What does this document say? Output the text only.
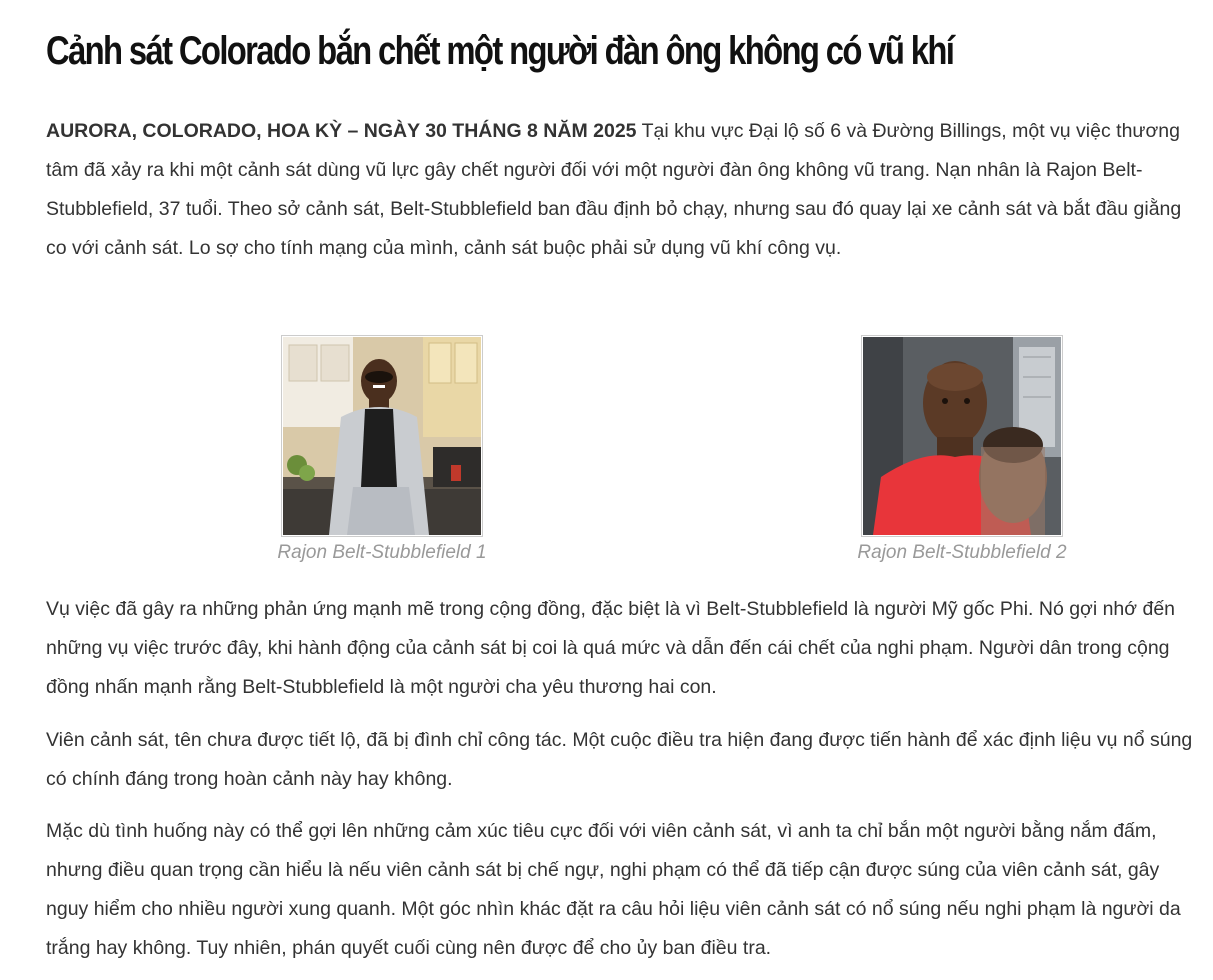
Cảnh sát Colorado bắn chết một người đàn ông không có vũ khí

AURORA, COLORADO, HOA KỲ – NGÀY 30 THÁNG 8 NĂM 2025 Tại khu vực Đại lộ số 6 và Đường Billings, một vụ việc thương tâm đã xảy ra khi một cảnh sát dùng vũ lực gây chết người đối với một người đàn ông không vũ trang. Nạn nhân là Rajon Belt-Stubblefield, 37 tuổi. Theo sở cảnh sát, Belt-Stubblefield ban đầu định bỏ chạy, nhưng sau đó quay lại xe cảnh sát và bắt đầu giằng co với cảnh sát. Lo sợ cho tính mạng của mình, cảnh sát buộc phải sử dụng vũ khí công vụ.

Rajon Belt-Stubblefield 1	Rajon Belt-Stubblefield 2

Vụ việc đã gây ra những phản ứng mạnh mẽ trong cộng đồng, đặc biệt là vì Belt-Stubblefield là người Mỹ gốc Phi. Nó gợi nhớ đến những vụ việc trước đây, khi hành động của cảnh sát bị coi là quá mức và dẫn đến cái chết của nghi phạm. Người dân trong cộng đồng nhấn mạnh rằng Belt-Stubblefield là một người cha yêu thương hai con.

Viên cảnh sát, tên chưa được tiết lộ, đã bị đình chỉ công tác. Một cuộc điều tra hiện đang được tiến hành để xác định liệu vụ nổ súng có chính đáng trong hoàn cảnh này hay không.

Mặc dù tình huống này có thể gợi lên những cảm xúc tiêu cực đối với viên cảnh sát, vì anh ta chỉ bắn một người bằng nắm đấm, nhưng điều quan trọng cần hiểu là nếu viên cảnh sát bị chế ngự, nghi phạm có thể đã tiếp cận được súng của viên cảnh sát, gây nguy hiểm cho nhiều người xung quanh. Một góc nhìn khác đặt ra câu hỏi liệu viên cảnh sát có nổ súng nếu nghi phạm là người da trắng hay không. Tuy nhiên, phán quyết cuối cùng nên được để cho ủy ban điều tra.
